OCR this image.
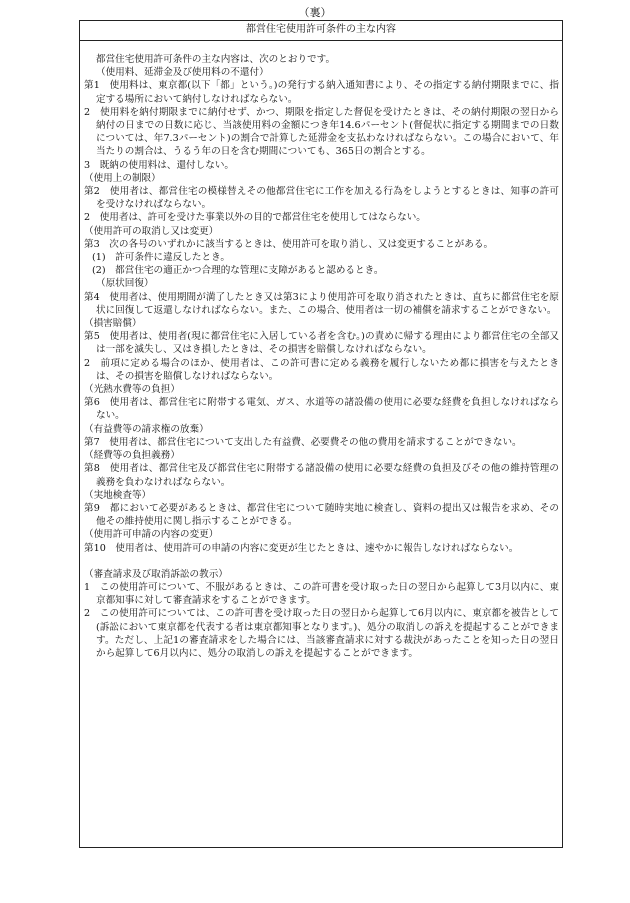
（裏）
都営住宅使用許可条件の主な内容

都営住宅使用許可条件の主な内容は、次のとおりです。

（使用料、延滞金及び使用料の不還付）

第1　使用料は、東京都(以下「都」という。)の発行する納入通知書により、その指定する納付期限までに、指定する場所において納付しなければならない。

2　使用料を納付期限までに納付せず、かつ、期限を指定した督促を受けたときは、その納付期限の翌日から納付の日までの日数に応じ、当該使用料の金額につき年14.6パーセント(督促状に指定する期間までの日数については、年7.3パーセント)の割合で計算した延滞金を支払わなければならない。この場合において、年当たりの割合は、うるう年の日を含む期間についても、365日の割合とする。

3　既納の使用料は、還付しない。

（使用上の制限）

第2　使用者は、都営住宅の模様替えその他都営住宅に工作を加える行為をしようとするときは、知事の許可を受けなければならない。

2　使用者は、許可を受けた事業以外の目的で都営住宅を使用してはならない。

（使用許可の取消し又は変更）

第3　次の各号のいずれかに該当するときは、使用許可を取り消し、又は変更することがある。

(1)　許可条件に違反したとき。

(2)　都営住宅の適正かつ合理的な管理に支障があると認めるとき。

（原状回復）

第4　使用者は、使用期間が満了したとき又は第3により使用許可を取り消されたときは、直ちに都営住宅を原状に回復して返還しなければならない。また、この場合、使用者は一切の補償を請求することができない。

（損害賠償）

第5　使用者は、使用者(現に都営住宅に入居している者を含む。)の責めに帰する理由により都営住宅の全部又は一部を滅失し、又はき損したときは、その損害を賠償しなければならない。

2　前項に定める場合のほか、使用者は、この許可書に定める義務を履行しないため都に損害を与えたときは、その損害を賠償しなければならない。

（光熱水費等の負担）

第6　使用者は、都営住宅に附帯する電気、ガス、水道等の諸設備の使用に必要な経費を負担しなければならない。

（有益費等の請求権の放棄）

第7　使用者は、都営住宅について支出した有益費、必要費その他の費用を請求することができない。

（経費等の負担義務）

第8　使用者は、都営住宅及び都営住宅に附帯する諸設備の使用に必要な経費の負担及びその他の維持管理の義務を負わなければならない。

（実地検査等）

第9　都において必要があるときは、都営住宅について随時実地に検査し、資料の提出又は報告を求め、その他その維持使用に関し指示することができる。

（使用許可申請の内容の変更）

第10　使用者は、使用許可の申請の内容に変更が生じたときは、速やかに報告しなければならない。

（審査請求及び取消訴訟の教示）

1　この使用許可について、不服があるときは、この許可書を受け取った日の翌日から起算して3月以内に、東京都知事に対して審査請求をすることができます。

2　この使用許可については、この許可書を受け取った日の翌日から起算して6月以内に、東京都を被告として(訴訟において東京都を代表する者は東京都知事となります。)、処分の取消しの訴えを提起することができます。ただし、上記1の審査請求をした場合には、当該審査請求に対する裁決があったことを知った日の翌日から起算して6月以内に、処分の取消しの訴えを提起することができます。
